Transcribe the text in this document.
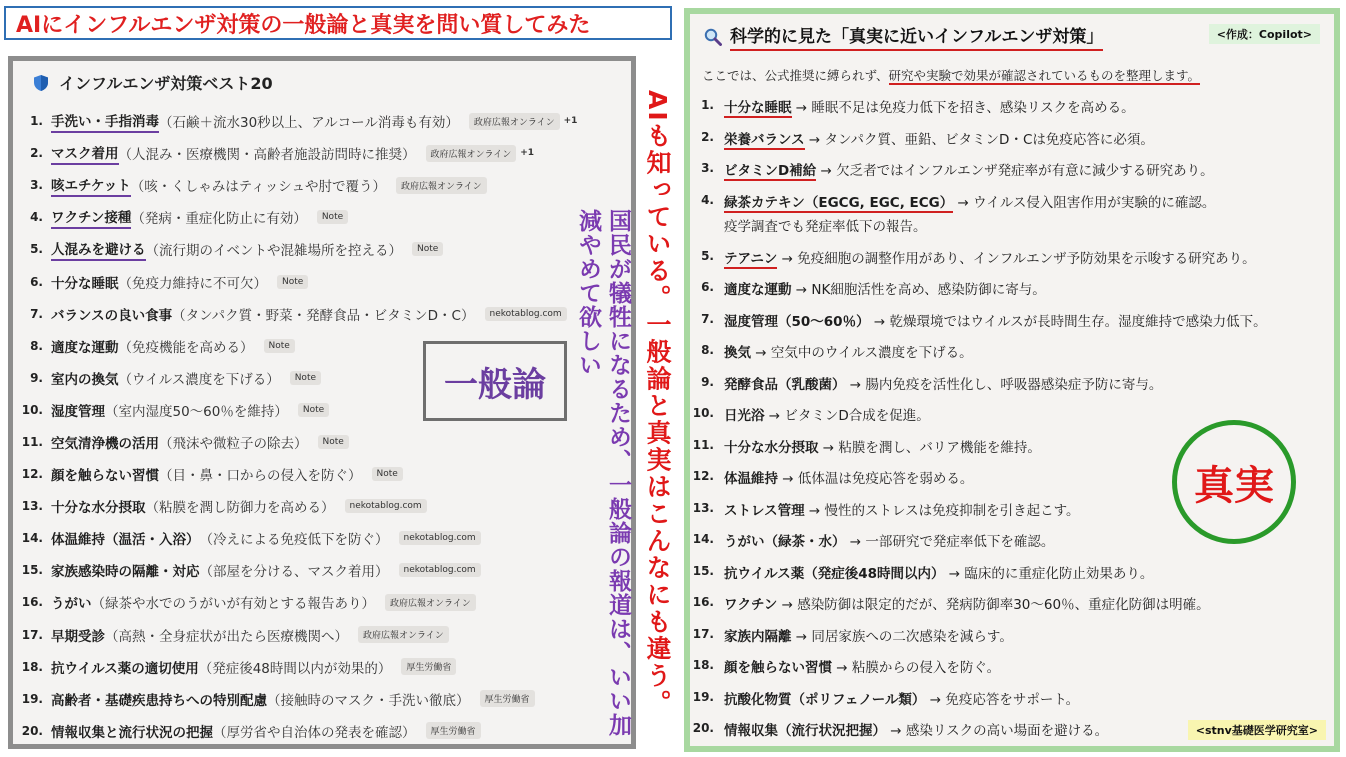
AIにインフルエンザ対策の一般論と真実を問い質してみた
インフルエンザ対策ベスト20
1. 手洗い・手指消毒 （石鹸＋流水30秒以上、アルコール消毒も有効）	政府広報オンライン	+1
2. マスク着用 （人混み・医療機関・高齢者施設訪問時に推奨）	政府広報オンライン	+1
3. 咳エチケット （咳・くしゃみはティッシュや肘で覆う）	政府広報オンライン
4. ワクチン接種 （発病・重症化防止に有効）	Note
5. 人混みを避ける （流行期のイベントや混雑場所を控える）	Note
6. 十分な睡眠 （免疫力維持に不可欠）	Note
7. バランスの良い食事 （タンパク質・野菜・発酵食品・ビタミンD・C）	nekotablog.com
8. 適度な運動 （免疫機能を高める）	Note
9. 室内の換気 （ウイルス濃度を下げる）	Note
10. 湿度管理 （室内湿度50〜60％を維持）	Note
11. 空気清浄機の活用 （飛沫や微粒子の除去）	Note
12. 顔を触らない習慣 （目・鼻・口からの侵入を防ぐ）	Note
13. 十分な水分摂取 （粘膜を潤し防御力を高める）	nekotablog.com
14. 体温維持（温活・入浴） （冷えによる免疫低下を防ぐ）	nekotablog.com
15. 家族感染時の隔離・対応 （部屋を分ける、マスク着用）	nekotablog.com
16. うがい （緑茶や水でのうがいが有効とする報告あり）	政府広報オンライン
17. 早期受診 （高熱・全身症状が出たら医療機関へ）	政府広報オンライン
18. 抗ウイルス薬の適切使用 （発症後48時間以内が効果的）	厚生労働省
19. 高齢者・基礎疾患持ちへの特別配慮 （接触時のマスク・手洗い徹底）	厚生労働省
20. 情報収集と流行状況の把握 （厚労省や自治体の発表を確認）	厚生労働省
一般論	国民が犠牲になるため、一般論の報道は、いい加減やめて欲しい	AIも知っている。一般論と真実はこんなにも違う。
科学的に見た「真実に近いインフルエンザ対策」	<作成：Copilot>
ここでは、公式推奨に縛られず、研究や実験で効果が確認されているものを整理します。
1. 十分な睡眠 → 睡眠不足は免疫力低下を招き、感染リスクを高める。
2. 栄養バランス → タンパク質、亜鉛、ビタミンD・Cは免疫応答に必須。
3. ビタミンD補給 → 欠乏者ではインフルエンザ発症率が有意に減少する研究あり。
4. 緑茶カテキン（EGCG, EGC, ECG） → ウイルス侵入阻害作用が実験的に確認。
疫学調査でも発症率低下の報告。
5. テアニン → 免疫細胞の調整作用があり、インフルエンザ予防効果を示唆する研究あり。
6. 適度な運動 → NK細胞活性を高め、感染防御に寄与。
7. 湿度管理（50〜60％） → 乾燥環境ではウイルスが長時間生存。湿度維持で感染力低下。
8. 換気 → 空気中のウイルス濃度を下げる。
9. 発酵食品（乳酸菌） → 腸内免疫を活性化し、呼吸器感染症予防に寄与。
10. 日光浴 → ビタミンD合成を促進。
11. 十分な水分摂取 → 粘膜を潤し、バリア機能を維持。
12. 体温維持 → 低体温は免疫応答を弱める。
13. ストレス管理 → 慢性的ストレスは免疫抑制を引き起こす。
14. うがい（緑茶・水） → 一部研究で発症率低下を確認。
15. 抗ウイルス薬（発症後48時間以内） → 臨床的に重症化防止効果あり。
16. ワクチン → 感染防御は限定的だが、発病防御率30〜60％、重症化防御は明確。
17. 家族内隔離 → 同居家族への二次感染を減らす。
18. 顔を触らない習慣 → 粘膜からの侵入を防ぐ。
19. 抗酸化物質（ポリフェノール類） → 免疫応答をサポート。
20. 情報収集（流行状況把握） → 感染リスクの高い場面を避ける。
真実
<stnv基礎医学研究室>
